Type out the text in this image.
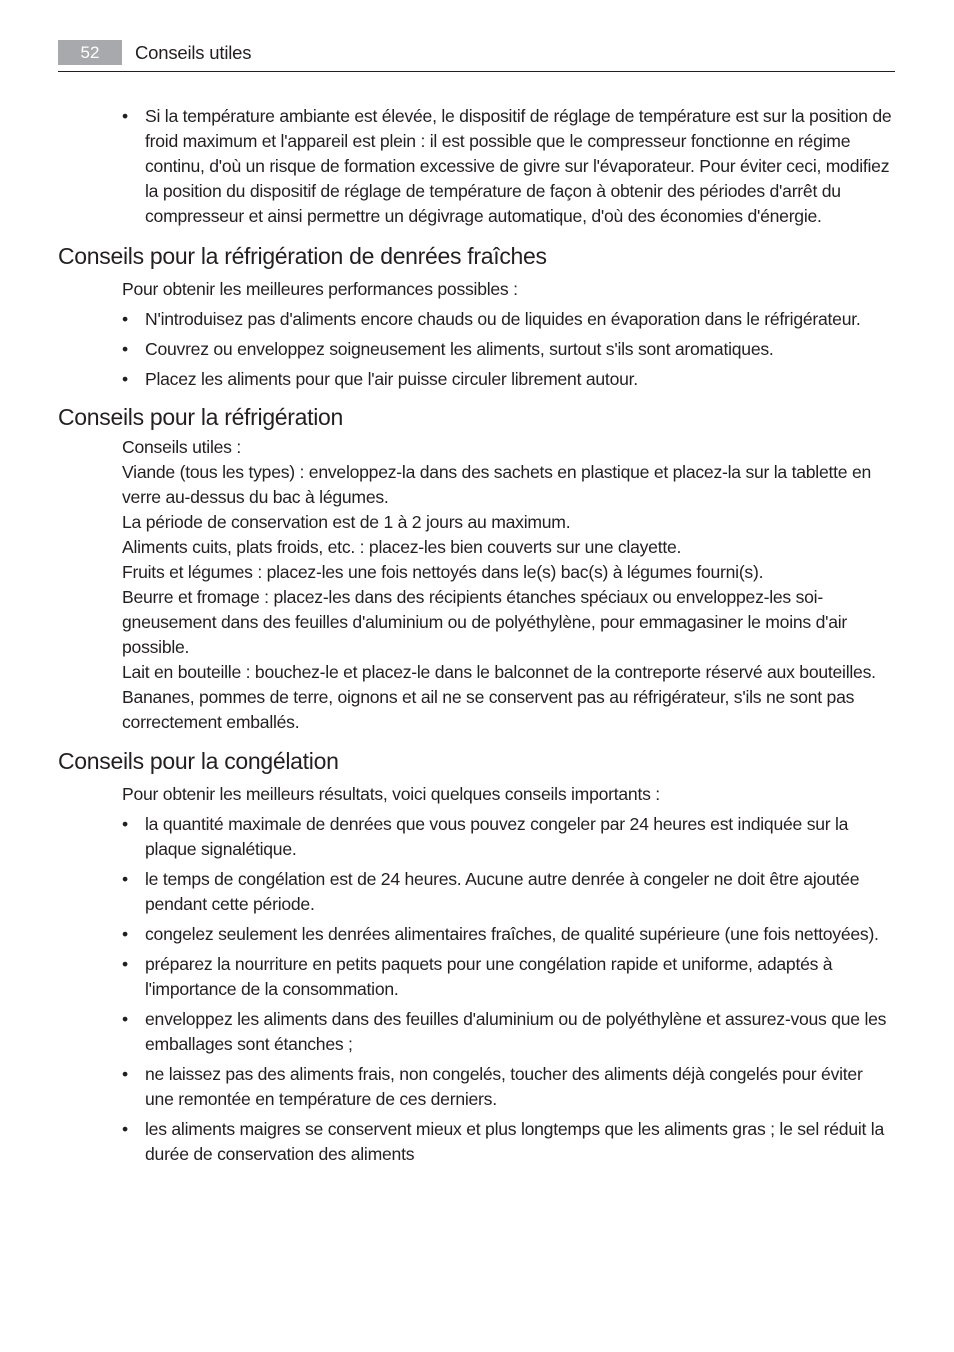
52	Conseils utiles
• Si la température ambiante est élevée, le dispositif de réglage de température est sur la position de froid maximum et l'appareil est plein : il est possible que le compresseur fonctionne en régime continu, d'où un risque de formation excessive de givre sur l'évaporateur. Pour éviter ceci, modifiez la position du dispositif de réglage de température de façon à obtenir des périodes d'arrêt du compresseur et ainsi permettre un dégivrage automatique, d'où des économies d'énergie.
Conseils pour la réfrigération de denrées fraîches
Pour obtenir les meilleures performances possibles :
• N'introduisez pas d'aliments encore chauds ou de liquides en évaporation dans le réfrigérateur.
• Couvrez ou enveloppez soigneusement les aliments, surtout s'ils sont aromatiques.
• Placez les aliments pour que l'air puisse circuler librement autour.
Conseils pour la réfrigération
Conseils utiles :
Viande (tous les types) : enveloppez-la dans des sachets en plastique et placez-la sur la tablette en verre au-dessus du bac à légumes.
La période de conservation est de 1 à 2 jours au maximum.
Aliments cuits, plats froids, etc. : placez-les bien couverts sur une clayette.
Fruits et légumes : placez-les une fois nettoyés dans le(s) bac(s) à légumes fourni(s).
Beurre et fromage : placez-les dans des récipients étanches spéciaux ou enveloppez-les soigneusement dans des feuilles d'aluminium ou de polyéthylène, pour emmagasiner le moins d'air possible.
Lait en bouteille : bouchez-le et placez-le dans le balconnet de la contreporte réservé aux bouteilles.
Bananes, pommes de terre, oignons et ail ne se conservent pas au réfrigérateur, s'ils ne sont pas correctement emballés.
Conseils pour la congélation
Pour obtenir les meilleurs résultats, voici quelques conseils importants :
• la quantité maximale de denrées que vous pouvez congeler par 24 heures est indiquée sur la plaque signalétique.
• le temps de congélation est de 24 heures. Aucune autre denrée à congeler ne doit être ajoutée pendant cette période.
• congelez seulement les denrées alimentaires fraîches, de qualité supérieure (une fois nettoyées).
• préparez la nourriture en petits paquets pour une congélation rapide et uniforme, adaptés à l'importance de la consommation.
• enveloppez les aliments dans des feuilles d'aluminium ou de polyéthylène et assurez-vous que les emballages sont étanches ;
• ne laissez pas des aliments frais, non congelés, toucher des aliments déjà congelés pour éviter une remontée en température de ces derniers.
• les aliments maigres se conservent mieux et plus longtemps que les aliments gras ; le sel réduit la durée de conservation des aliments
